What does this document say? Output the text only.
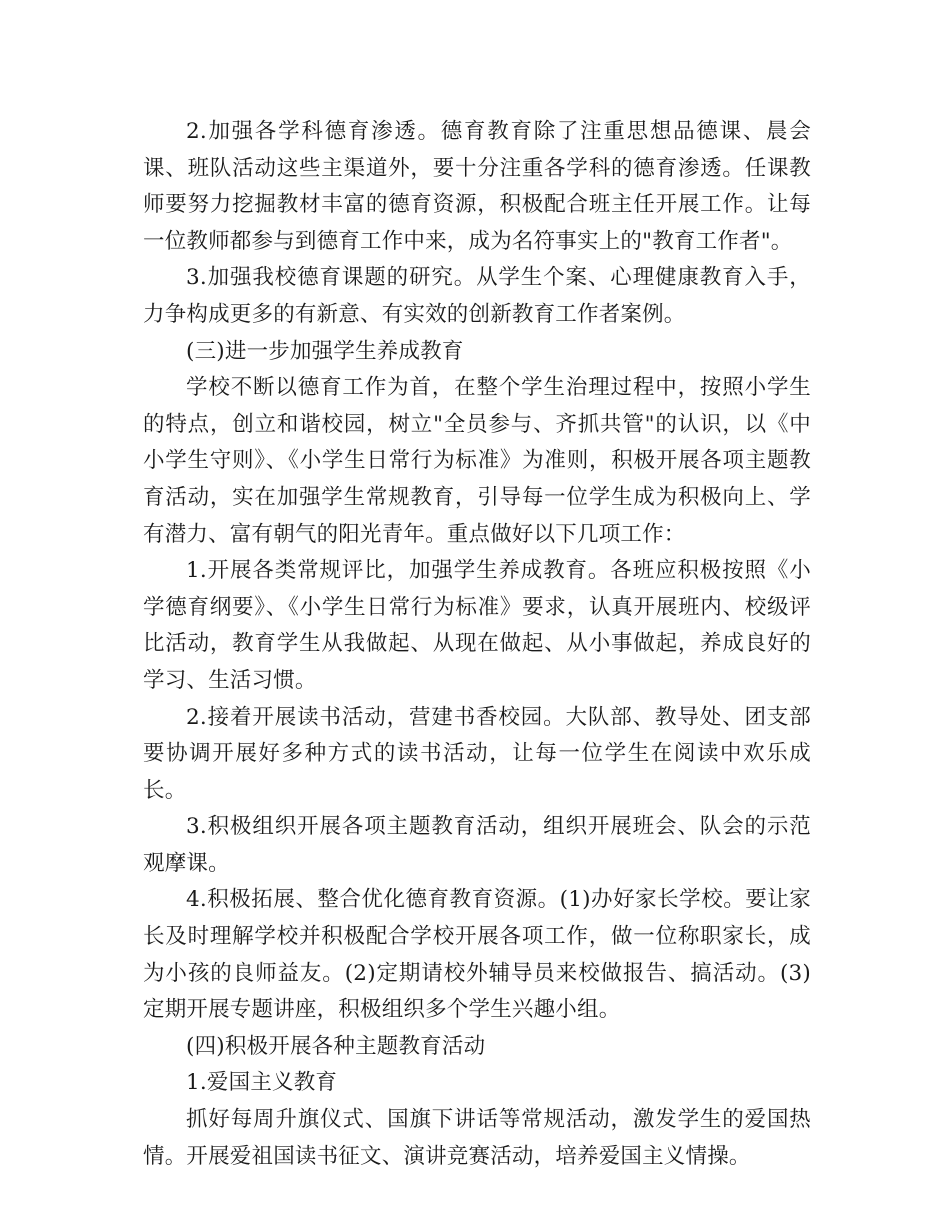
2.加强各学科德育渗透。德育教育除了注重思想品德课、晨会课、班队活动这些主渠道外，要十分注重各学科的德育渗透。任课教师要努力挖掘教材丰富的德育资源，积极配合班主任开展工作。让每一位教师都参与到德育工作中来，成为名符事实上的"教育工作者"。

3.加强我校德育课题的研究。从学生个案、心理健康教育入手，力争构成更多的有新意、有实效的创新教育工作者案例。

(三)进一步加强学生养成教育

学校不断以德育工作为首，在整个学生治理过程中，按照小学生的特点，创立和谐校园，树立"全员参与、齐抓共管"的认识，以《中小学生守则》、《小学生日常行为标准》为准则，积极开展各项主题教育活动，实在加强学生常规教育，引导每一位学生成为积极向上、学有潜力、富有朝气的阳光青年。重点做好以下几项工作：

1.开展各类常规评比，加强学生养成教育。各班应积极按照《小学德育纲要》、《小学生日常行为标准》要求，认真开展班内、校级评比活动，教育学生从我做起、从现在做起、从小事做起，养成良好的学习、生活习惯。

2.接着开展读书活动，营建书香校园。大队部、教导处、团支部要协调开展好多种方式的读书活动，让每一位学生在阅读中欢乐成长。

3.积极组织开展各项主题教育活动，组织开展班会、队会的示范观摩课。

4.积极拓展、整合优化德育教育资源。(1)办好家长学校。要让家长及时理解学校并积极配合学校开展各项工作，做一位称职家长，成为小孩的良师益友。(2)定期请校外辅导员来校做报告、搞活动。(3)定期开展专题讲座，积极组织多个学生兴趣小组。

(四)积极开展各种主题教育活动

1.爱国主义教育

抓好每周升旗仪式、国旗下讲话等常规活动，激发学生的爱国热情。开展爱祖国读书征文、演讲竞赛活动，培养爱国主义情操。
